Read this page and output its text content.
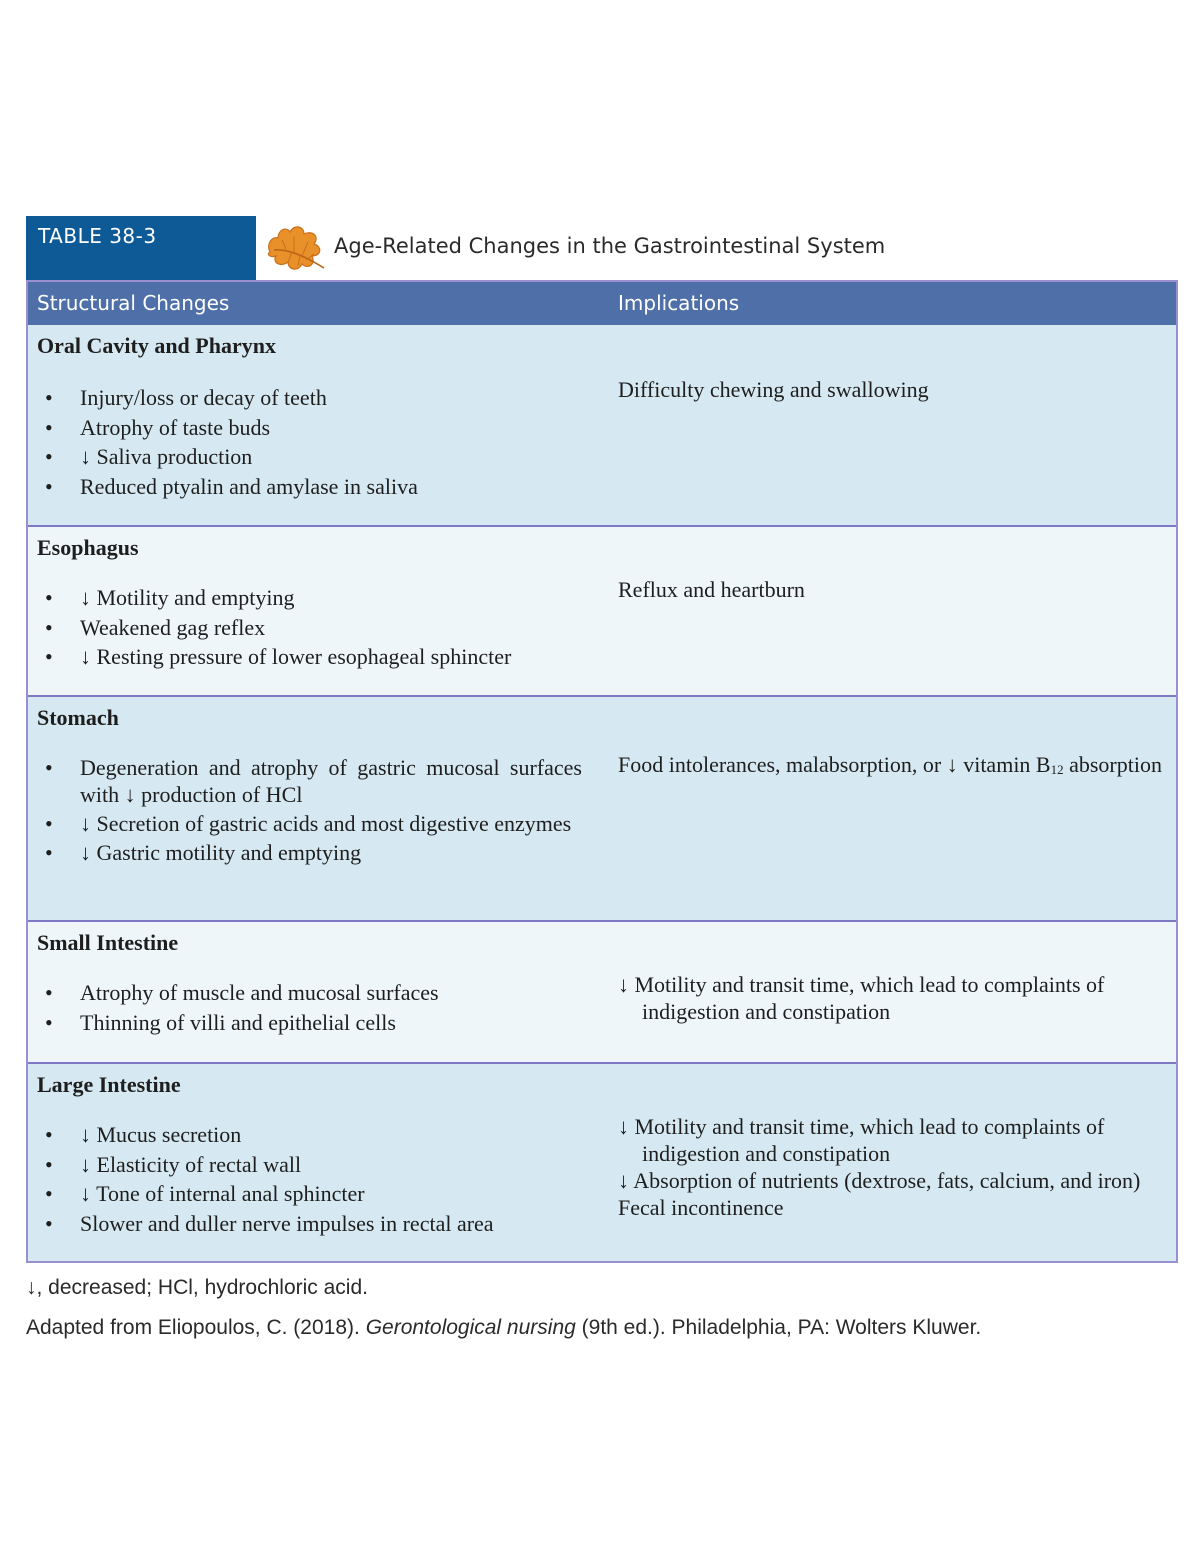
TABLE 38-3	Age-Related Changes in the Gastrointestinal System
Structural Changes	Implications
Oral Cavity and Pharynx
• Injury/loss or decay of teeth
• Atrophy of taste buds
• ↓ Saliva production
• Reduced ptyalin and amylase in saliva

Difficulty chewing and swallowing

Esophagus
• ↓ Motility and emptying
• Weakened gag reflex
• ↓ Resting pressure of lower esophageal sphincter

Reflux and heartburn

Stomach
• Degeneration and atrophy of gastric mucosal surfaces with ↓ production of HCl
• ↓ Secretion of gastric acids and most digestive enzymes
• ↓ Gastric motility and emptying

Food intolerances, malabsorption, or ↓ vitamin $B_{12}$ absorption

Small Intestine
• Atrophy of muscle and mucosal surfaces
• Thinning of villi and epithelial cells

↓ Motility and transit time, which lead to complaints of indigestion and constipation

Large Intestine
• ↓ Mucus secretion
• ↓ Elasticity of rectal wall
• ↓ Tone of internal anal sphincter
• Slower and duller nerve impulses in rectal area

↓ Motility and transit time, which lead to complaints of indigestion and constipation

↓ Absorption of nutrients (dextrose, fats, calcium, and iron)

Fecal incontinence

↓, decreased; HCl, hydrochloric acid.
Adapted from Eliopoulos, C. (2018). Gerontological nursing (9th ed.). Philadelphia, PA: Wolters Kluwer.
